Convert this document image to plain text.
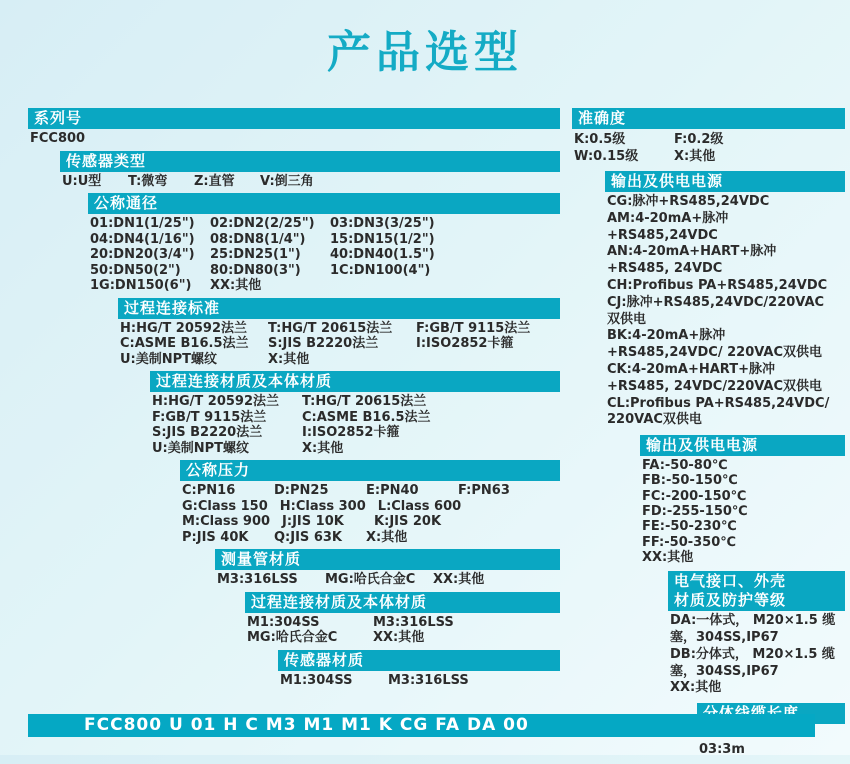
产品选型
系列号
FCC800
传感器类型
U:U型 T:微弯 Z:直管 V:倒三角
公称通径
01:DN1(1/25") 02:DN2(2/25") 03:DN3(3/25")
04:DN4(1/16") 08:DN8(1/4") 15:DN15(1/2")
20:DN20(3/4") 25:DN25(1") 40:DN40(1.5")
50:DN50(2") 80:DN80(3") 1C:DN100(4")
1G:DN150(6") XX:其他
过程连接标准
H:HG/T 20592法兰 T:HG/T 20615法兰 F:GB/T 9115法兰
C:ASME B16.5法兰 S:JIS B2220法兰	I:ISO2852卡箍
U:美制NPT螺纹	X:其他
过程连接材质及本体材质
H:HG/T 20592法兰 T:HG/T 20615法兰
F:GB/T 9115法兰	C:ASME B16.5法兰
S:JIS B2220法兰	I:ISO2852卡箍
U:美制NPT螺纹	X:其他
公称压力
C:PN16	D:PN25	E:PN40	F:PN63
G:Class 150 H:Class 300 L:Class 600
M:Class 900 J:JIS 10K K:JIS 20K
P:JIS 40K Q:JIS 63K X:其他
测量管材质
M3:316LSS MG:哈氏合金C XX:其他
过程连接材质及本体材质
M1:304SS	M3:316LSS
MG:哈氏合金C	XX:其他
传感器材质
M1:304SS	M3:316LSS
准确度
K:0.5级	F:0.2级
W:0.15级	X:其他
输出及供电电源
CG:脉冲+RS485,24VDC
AM:4-20mA+脉冲+RS485,24VDC
AN:4-20mA+HART+脉冲+RS485, 24VDC
CH:Profibus PA+RS485,24VDC
CJ:脉冲+RS485,24VDC/220VAC 双供电
BK:4-20mA+脉冲+RS485,24VDC/ 220VAC双供电
CK:4-20mA+HART+脉冲+RS485, 24VDC/220VAC双供电
CL:Profibus PA+RS485,24VDC/ 220VAC双供电
输出及供电电源
FA:-50-80℃
FB:-50-150℃
FC:-200-150℃
FD:-255-150℃
FE:-50-230℃
FF:-50-350℃
XX:其他
电气接口、外壳
材质及防护等级
DA:一体式， M20×1.5 缆塞，304SS,IP67
DB:分体式， M20×1.5 缆塞，304SS,IP67
XX:其他
03:3m
FCC800 U 01 H C M3 M1 M1 K CG FA DA 00
